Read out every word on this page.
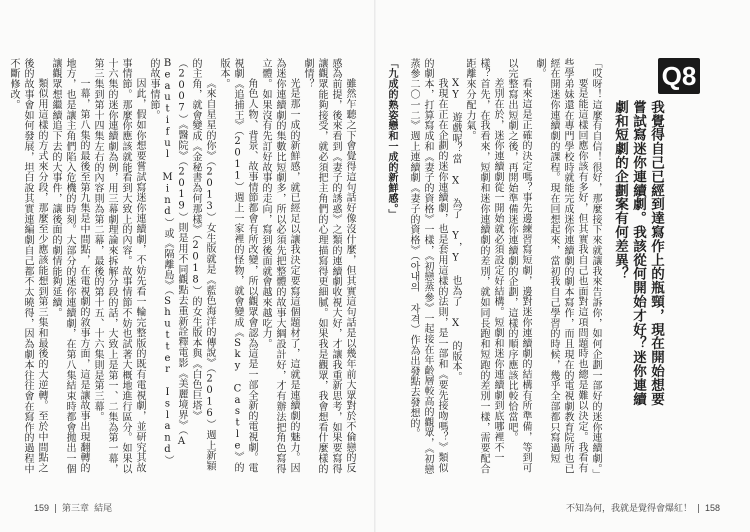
Q8
我覺得自己已經到達寫作上的瓶頸，現在開始想要嘗試寫迷你連續劇。我該從何開始才好？迷你連續劇和短劇的企劃案有何差異？

「哎呀！這麼有自信！很好，那麼接下來就讓我來告訴你，如何企劃一部好的迷你連續劇。」

要是能這樣回應你該有多好，但其實我自己也面對這項問題時也總是難以決定。我看有些學弟妹還在專門學校時就能完成迷你連續劇的劇本寫作，而且現在的電視劇教育院所也已經在開迷你連續劇的課程。現在回想起來，當初我自己學習的時候，幾乎全部都只寫過短劇。

看來這是正確的決定嗎？事先邊練習寫短劇，邊對迷你連續劇的結構有所準備，等到可以完整寫出短劇之後，再開始準備迷你連續劇的企劃，這樣的順序應該比較恰當吧。

差別在於，迷你連續劇從一開始就必須設定好結構。短劇和迷你連續劇到底哪裡不一樣？首先，在我看來，短劇和迷你連續劇的差別，就如同長跑和短跑的差別一樣，需要配合距離來分配力氣。

XY 遊戲呢？當 X 為了 Y，Y 也為了 X 的版本。

我現在正在企劃的迷你連續劇，也是套用這樣的法則，是一部和《要先接吻嗎？》類似的劇本，打算寫成和《妻子的資格》一樣，《初戀蒸參》一起接在年齡層較高的觀眾，《初戀蒸參二〇一二》週上連續劇《妻子的資格》（아내의 자격）作為出發點去發想的。

「九成的熟姿戀和一成的新鮮感。」

雖然乍聽之下會覺得這句話好像沒什麼，但其實這句話是以幾年前大眾對於不倫戀的反感為前提，後來看到《妻子的誘惑》之類的連續劇收視大好，才讓我重新思考，如果要寫得讓觀眾能夠接受，就必須把主角們的心理描寫得更細膩。如果我是觀眾，我會想看什麼樣的劇情？

光是那一成的新鮮感，就已經足以讓我決定要寫這個題材了，這就是連續劇的魅力。因為迷你連續劇的集數比短劇多，所以必須先把整體的故事大綱設計好，才有辦法把角色寫得立體。如果沒有先訂好故事的走向，寫到後面就會越來越吃力。

角色人物、背景、故事情節都會有所改變，所以觀眾會認為這是一部全新的電視劇。電視劇《追捕王》（2011）週上一家裡的怪物，就會變成《Sky Castle》的版本。

《來自星星的你》（2013）女生版就是《藍色海洋的傳說》（2016）週上新穎的主角，就會變成《金秘書為何那樣》（2018）的女生版本與《白色巨塔》（2007）《醫院》（2019）則是用不同觀點去重新詮釋電影《美麗境界》（A Beautiful Mind）或《隔離島》（Shutter Island）的故事情節。

因此，假如你想要嘗試寫迷你連續劇，不妨先看一輪完整版的既有電視劇，並研究其故事情節。那麼你應該就能看到大致上的內容。故事情節不妨也試著大概地進行區分。如果以十六集的迷你連續劇為例，用三幕劇理論來拆解分段的話，大致上是第一、二集為第一幕，第三集到第十四集左右的內容則為第二幕，最後的第十五、十六集則是第三幕。

一幕，第八集的最後至第九集是中間點，在電視劇的敘事方面，這是讓故事出現翻轉的地方，也是讓主角們陷入危機的時刻。大部分的迷你連續劇，在第八集結束時都會拋出一個讓觀眾想繼續追下去的大事件，讓後面的劇情能夠延續。

類似用這樣的方式來分段，那麼至少應該能想到第三集和最後的大逆轉。至於中間點之後的故事會如何發展，坦白說其實連編劇自己都不太曉得，因為劇本往往會在寫作的過程中不斷修改。

159 第三章 結尾	不知為何，我就是覺得會爆紅！ 158
